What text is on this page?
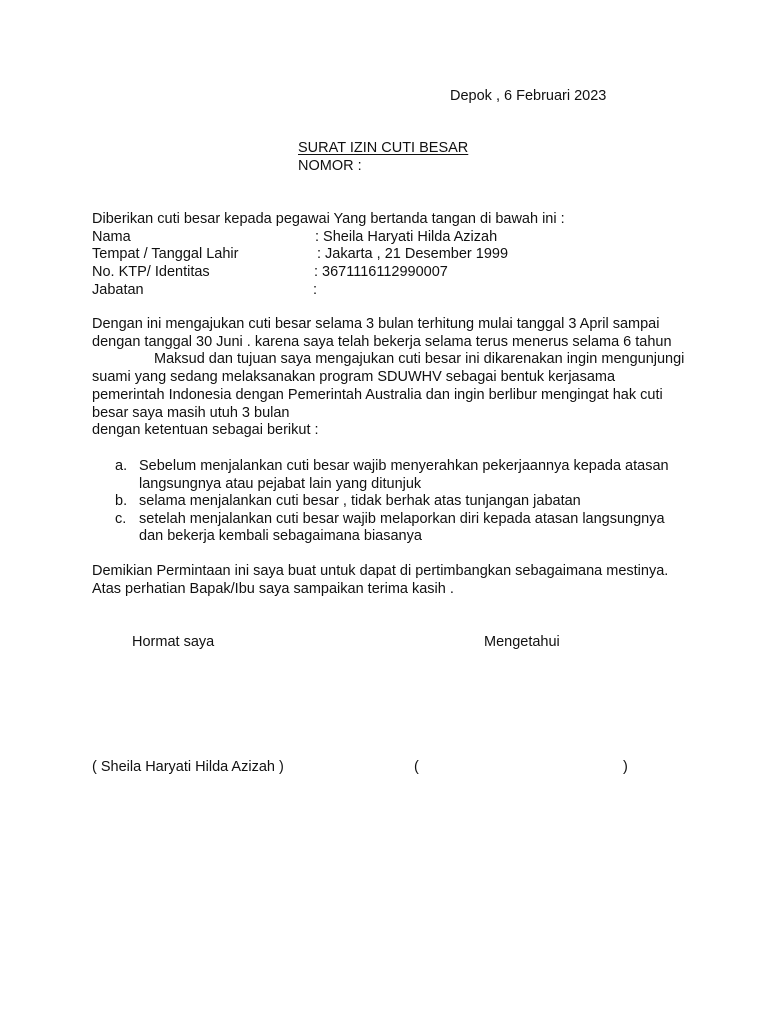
Depok , 6 Februari 2023
SURAT IZIN CUTI BESAR
NOMOR :
Diberikan cuti besar kepada pegawai Yang bertanda tangan di bawah ini :
Nama	: Sheila Haryati Hilda Azizah
Tempat / Tanggal Lahir	: Jakarta , 21 Desember 1999
No. KTP/ Identitas	: 3671116112990007
Jabatan	:
Dengan ini mengajukan cuti besar selama 3 bulan terhitung mulai tanggal 3 April sampai
dengan tanggal 30 Juni . karena saya telah bekerja selama terus menerus selama 6 tahun
Maksud dan tujuan saya mengajukan cuti besar ini dikarenakan ingin mengunjungi
suami yang sedang melaksanakan program SDUWHV sebagai bentuk kerjasama
pemerintah Indonesia dengan Pemerintah Australia dan ingin berlibur mengingat hak cuti
besar saya masih utuh 3 bulan
dengan ketentuan sebagai berikut :
a. Sebelum menjalankan cuti besar wajib menyerahkan pekerjaannya kepada atasan
langsungnya atau pejabat lain yang ditunjuk
b. selama menjalankan cuti besar , tidak berhak atas tunjangan jabatan
c. setelah menjalankan cuti besar wajib melaporkan diri kepada atasan langsungnya
dan bekerja kembali sebagaimana biasanya
Demikian Permintaan ini saya buat untuk dapat di pertimbangkan sebagaimana mestinya.
Atas perhatian Bapak/Ibu saya sampaikan terima kasih .
Hormat saya	Mengetahui
( Sheila Haryati Hilda Azizah )	(	)
